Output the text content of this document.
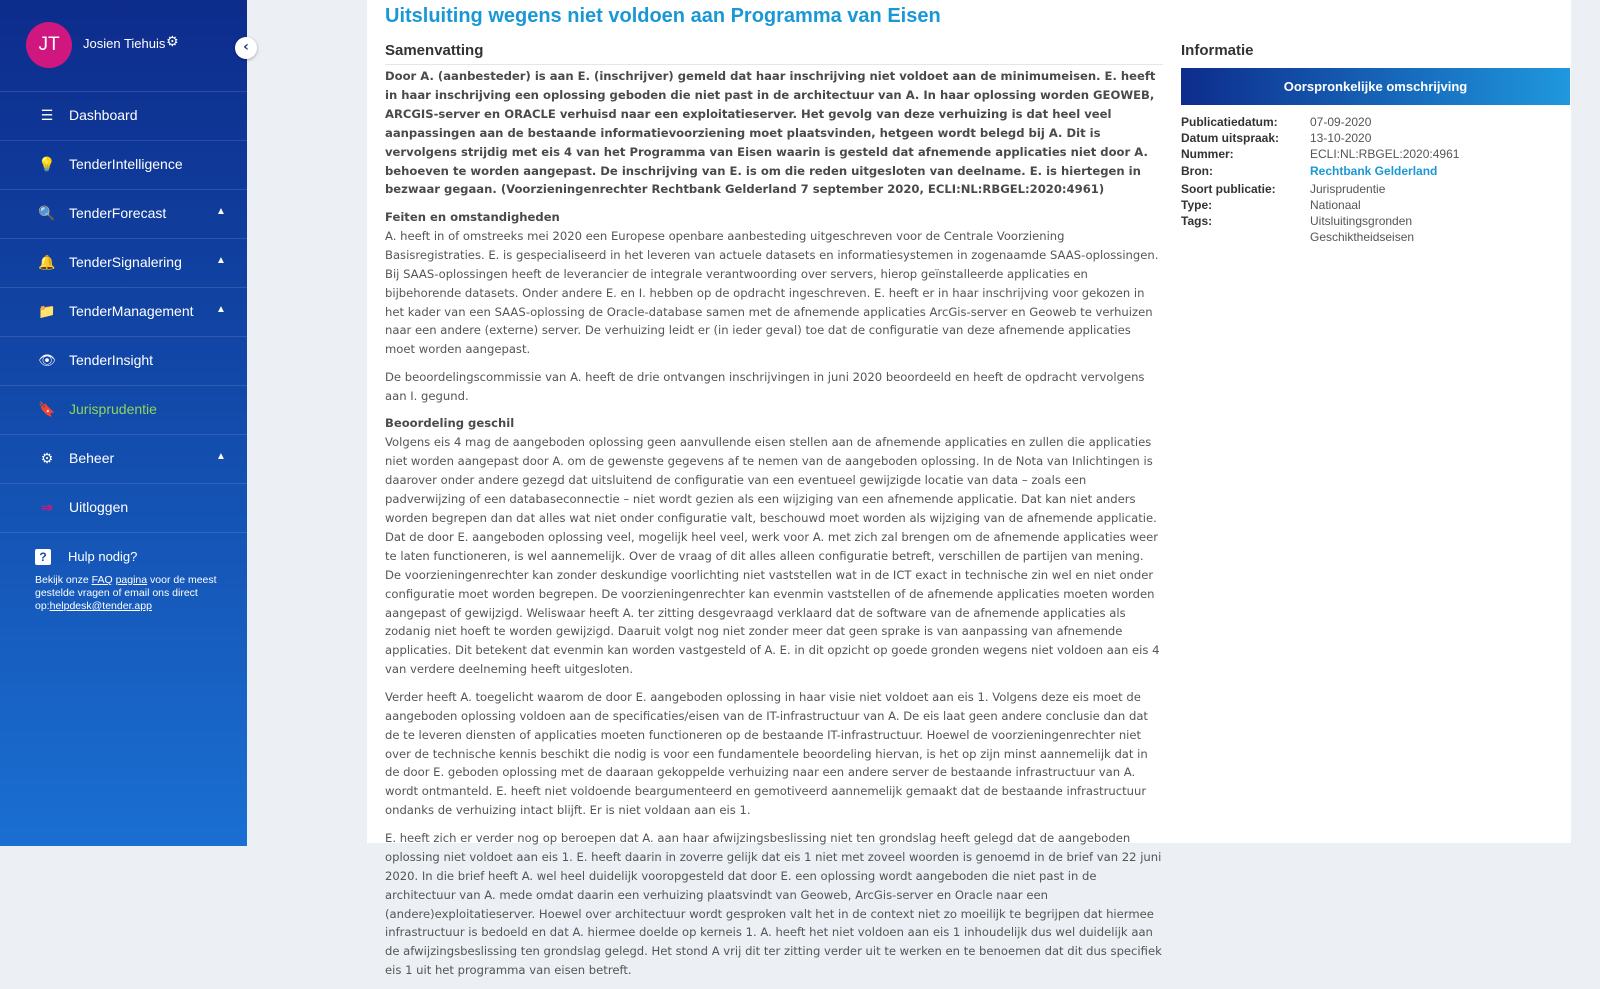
JT	Josien Tiehuis ⚙
☰ Dashboard
💡 TenderIntelligence
🔍 TenderForecast	▲
🔔 TenderSignalering	▲
📁 TenderManagement ▲
👁 TenderInsight
🔖 Jurisprudentie
⚙ Beheer	▲
⇒ Uitloggen
?	Hulp nodig?
Bekijk onze FAQ pagina voor de meest gestelde vragen of email ons direct op:helpdesk@tender.app
‹
Uitsluiting wegens niet voldoen aan Programma van Eisen
Samenvatting

Door A. (aanbesteder) is aan E. (inschrijver) gemeld dat haar inschrijving niet voldoet aan de minimumeisen. E. heeft in haar inschrijving een oplossing geboden die niet past in de architectuur van A. In haar oplossing worden GEOWEB, ARCGIS-server en ORACLE verhuisd naar een exploitatieserver. Het gevolg van deze verhuizing is dat heel veel aanpassingen aan de bestaande informatievoorziening moet plaatsvinden, hetgeen wordt belegd bij A. Dit is vervolgens strijdig met eis 4 van het Programma van Eisen waarin is gesteld dat afnemende applicaties niet door A. behoeven te worden aangepast. De inschrijving van E. is om die reden uitgesloten van deelname. E. is hiertegen in bezwaar gegaan. (Voorzieningenrechter Rechtbank Gelderland 7 september 2020, ECLI:NL:RBGEL:2020:4961)

Feiten en omstandigheden

A. heeft in of omstreeks mei 2020 een Europese openbare aanbesteding uitgeschreven voor de Centrale Voorziening Basisregistraties. E. is gespecialiseerd in het leveren van actuele datasets en informatiesystemen in zogenaamde SAAS-oplossingen. Bij SAAS-oplossingen heeft de leverancier de integrale verantwoording over servers, hierop geïnstalleerde applicaties en bijbehorende datasets. Onder andere E. en I. hebben op de opdracht ingeschreven. E. heeft er in haar inschrijving voor gekozen in het kader van een SAAS-oplossing de Oracle-database samen met de afnemende applicaties ArcGis-server en Geoweb te verhuizen naar een andere (externe) server. De verhuizing leidt er (in ieder geval) toe dat de configuratie van deze afnemende applicaties moet worden aangepast.

De beoordelingscommissie van A. heeft de drie ontvangen inschrijvingen in juni 2020 beoordeeld en heeft de opdracht vervolgens aan I. gegund.

Beoordeling geschil

Volgens eis 4 mag de aangeboden oplossing geen aanvullende eisen stellen aan de afnemende applicaties en zullen die applicaties niet worden aangepast door A. om de gewenste gegevens af te nemen van de aangeboden oplossing. In de Nota van Inlichtingen is daarover onder andere gezegd dat uitsluitend de configuratie van een eventueel gewijzigde locatie van data – zoals een padverwijzing of een databaseconnectie – niet wordt gezien als een wijziging van een afnemende applicatie. Dat kan niet anders worden begrepen dan dat alles wat niet onder configuratie valt, beschouwd moet worden als wijziging van de afnemende applicatie. Dat de door E. aangeboden oplossing veel, mogelijk heel veel, werk voor A. met zich zal brengen om de afnemende applicaties weer te laten functioneren, is wel aannemelijk. Over de vraag of dit alles alleen configuratie betreft, verschillen de partijen van mening. De voorzieningenrechter kan zonder deskundige voorlichting niet vaststellen wat in de ICT exact in technische zin wel en niet onder configuratie moet worden begrepen. De voorzieningenrechter kan evenmin vaststellen of de afnemende applicaties moeten worden aangepast of gewijzigd. Weliswaar heeft A. ter zitting desgevraagd verklaard dat de software van de afnemende applicaties als zodanig niet hoeft te worden gewijzigd. Daaruit volgt nog niet zonder meer dat geen sprake is van aanpassing van afnemende applicaties. Dit betekent dat evenmin kan worden vastgesteld of A. E. in dit opzicht op goede gronden wegens niet voldoen aan eis 4 van verdere deelneming heeft uitgesloten.

Verder heeft A. toegelicht waarom de door E. aangeboden oplossing in haar visie niet voldoet aan eis 1. Volgens deze eis moet de aangeboden oplossing voldoen aan de specificaties/eisen van de IT-infrastructuur van A. De eis laat geen andere conclusie dan dat de te leveren diensten of applicaties moeten functioneren op de bestaande IT-infrastructuur. Hoewel de voorzieningenrechter niet over de technische kennis beschikt die nodig is voor een fundamentele beoordeling hiervan, is het op zijn minst aannemelijk dat in de door E. geboden oplossing met de daaraan gekoppelde verhuizing naar een andere server de bestaande infrastructuur van A. wordt ontmanteld. E. heeft niet voldoende beargumenteerd en gemotiveerd aannemelijk gemaakt dat de bestaande infrastructuur ondanks de verhuizing intact blijft. Er is niet voldaan aan eis 1.

E. heeft zich er verder nog op beroepen dat A. aan haar afwijzingsbeslissing niet ten grondslag heeft gelegd dat de aangeboden oplossing niet voldoet aan eis 1. E. heeft daarin in zoverre gelijk dat eis 1 niet met zoveel woorden is genoemd in de brief van 22 juni 2020. In die brief heeft A. wel heel duidelijk vooropgesteld dat door E. een oplossing wordt aangeboden die niet past in de architectuur van A. mede omdat daarin een verhuizing plaatsvindt van Geoweb, ArcGis-server en Oracle naar een (andere)exploitatieserver. Hoewel over architectuur wordt gesproken valt het in de context niet zo moeilijk te begrijpen dat hiermee infrastructuur is bedoeld en dat A. hiermee doelde op kerneis 1. A. heeft het niet voldoen aan eis 1 inhoudelijk dus wel duidelijk aan de afwijzingsbeslissing ten grondslag gelegd. Het stond A vrij dit ter zitting verder uit te werken en te benoemen dat dit dus specifiek eis 1 uit het programma van eisen betreft.

Informatie
Oorspronkelijke omschrijving
Publicatiedatum:	07-09-2020
Datum uitspraak:	13-10-2020
Nummer:	ECLI:NL:RBGEL:2020:4961
Bron:	Rechtbank Gelderland
Soort publicatie:	Jurisprudentie
Type:	Nationaal
Tags:	Uitsluitingsgronden
Geschiktheidseisen
